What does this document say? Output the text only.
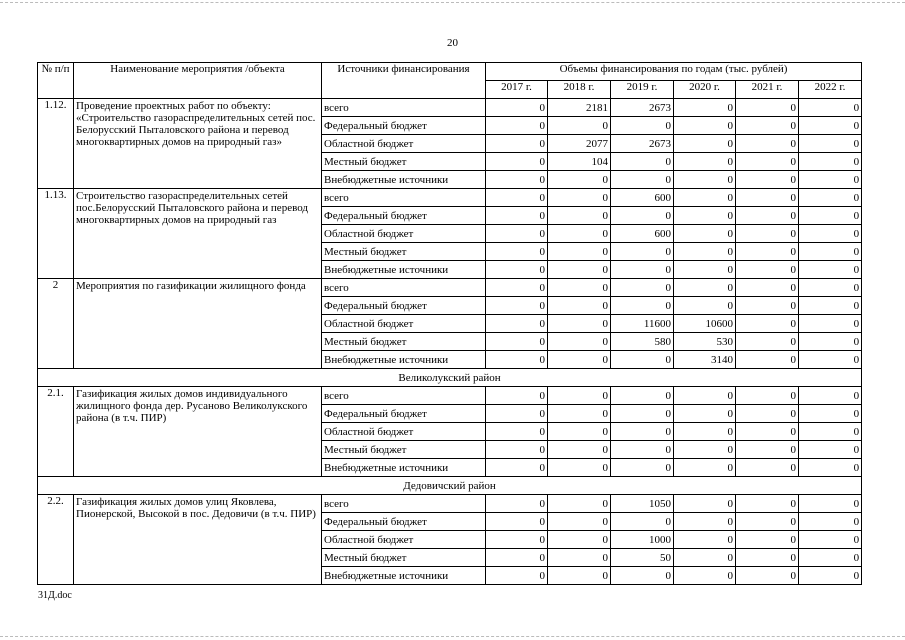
20
№ п/п	Наименование мероприятия /объекта	Источники финансирования	Объемы финансирования по годам (тыс. рублей)					
			2017 г.	2018 г.	2019 г.	2020 г.	2021 г.	2022 г.
1.12.	Проведение проектных работ по объекту: «Строительство газораспределительных сетей пос. Белорусский Пыталовского района и перевод многоквартирных домов на природный газ»	всего	0	2181	2673	0	0	0
		Федеральный бюджет	0	0	0	0	0	0
		Областной бюджет	0	2077	2673	0	0	0
		Местный бюджет	0	104	0	0	0	0
		Внебюджетные источники	0	0	0	0	0	0
1.13.	Строительство газораспределительных сетей пос.Белорусский Пыталовского района и перевод многоквартирных домов на природный газ	всего	0	0	600	0	0	0
		Федеральный бюджет	0	0	0	0	0	0
		Областной бюджет	0	0	600	0	0	0
		Местный бюджет	0	0	0	0	0	0
		Внебюджетные источники	0	0	0	0	0	0
2	Мероприятия по газификации жилищного фонда	всего	0	0	0	0	0	0
		Федеральный бюджет	0	0	0	0	0	0
		Областной бюджет	0	0	11600	10600	0	0
		Местный бюджет	0	0	580	530	0	0
		Внебюджетные источники	0	0	0	3140	0	0
Великолукский район								
2.1.	Газификация жилых домов индивидуального жилищного фонда дер. Русаново Великолукского района (в т.ч. ПИР)	всего	0	0	0	0	0	0
		Федеральный бюджет	0	0	0	0	0	0
		Областной бюджет	0	0	0	0	0	0
		Местный бюджет	0	0	0	0	0	0
		Внебюджетные источники	0	0	0	0	0	0
Дедовичский район								
2.2.	Газификация жилых домов улиц Яковлева, Пионерской, Высокой в пос. Дедовичи (в т.ч. ПИР)	всего	0	0	1050	0	0	0
		Федеральный бюджет	0	0	0	0	0	0
		Областной бюджет	0	0	1000	0	0	0
		Местный бюджет	0	0	50	0	0	0
		Внебюджетные источники	0	0	0	0	0	0
31Д.doc
